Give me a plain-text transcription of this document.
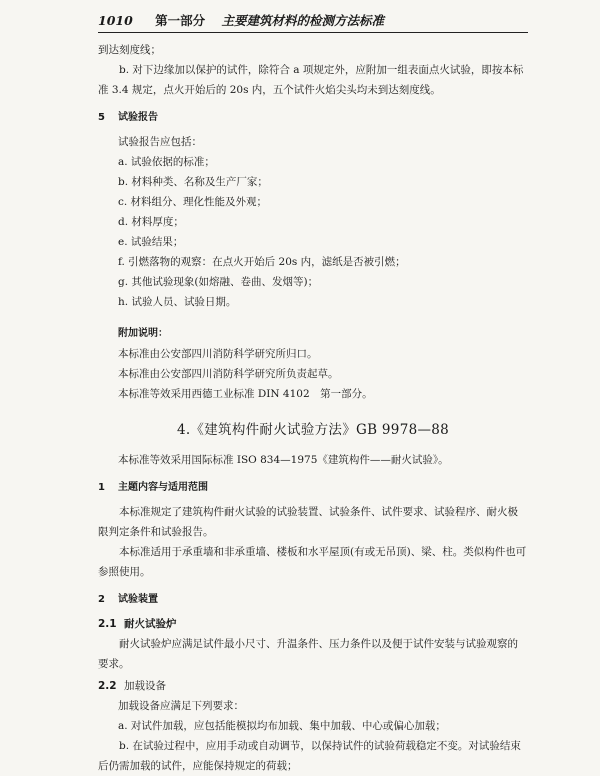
1010 第一部分 主要建筑材料的检测方法标准

到达刻度线；

b. 对下边缘加以保护的试件，除符合 a 项规定外，应附加一组表面点火试验，即按本标准 3.4 规定，点火开始后的 20s 内，五个试件火焰尖头均未到达刻度线。

5 试验报告

试验报告应包括：

a. 试验依据的标准；

b. 材料种类、名称及生产厂家；

c. 材料组分、理化性能及外观；

d. 材料厚度；

e. 试验结果；

f. 引燃落物的观察：在点火开始后 20s 内，滤纸是否被引燃；

g. 其他试验现象(如熔融、卷曲、发烟等)；

h. 试验人员、试验日期。

附加说明：

本标准由公安部四川消防科学研究所归口。

本标准由公安部四川消防科学研究所负责起草。

本标准等效采用西德工业标准 DIN 4102　第一部分。

4.《建筑构件耐火试验方法》GB 9978—88

本标准等效采用国际标准 ISO 834—1975《建筑构件——耐火试验》。

1 主题内容与适用范围

本标准规定了建筑构件耐火试验的试验装置、试验条件、试件要求、试验程序、耐火极限判定条件和试验报告。

本标准适用于承重墙和非承重墙、楼板和水平屋顶(有或无吊顶)、梁、柱。类似构件也可参照使用。

2 试验装置
2.1 耐火试验炉

耐火试验炉应满足试件最小尺寸、升温条件、压力条件以及便于试件安装与试验观察的要求。

2.2 加载设备

加载设备应满足下列要求：

a. 对试件加载，应包括能模拟均布加载、集中加载、中心或偏心加载；

b. 在试验过程中，应用手动或自动调节，以保持试件的试验荷载稳定不变。对试验结束后仍需加载的试件，应能保持规定的荷载；
